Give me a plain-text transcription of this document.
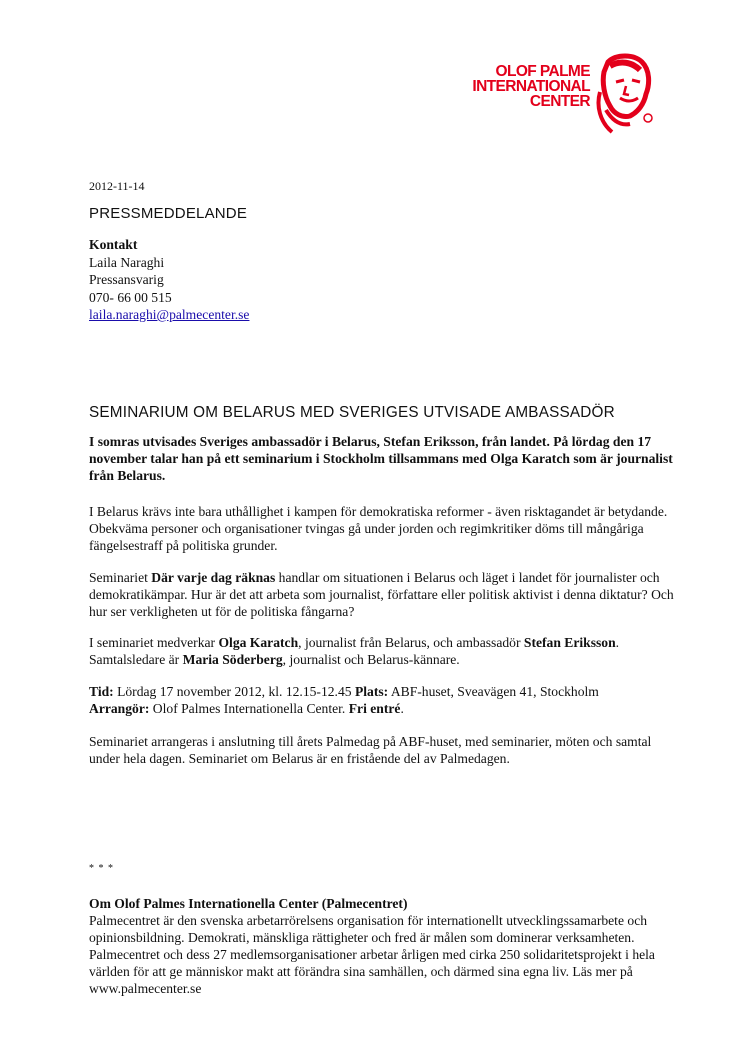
OLOF PALME
INTERNATIONAL
CENTER
2012-11-14
PRESSMEDDELANDE
Kontakt
Laila Naraghi
Pressansvarig
070- 66 00 515
laila.naraghi@palmecenter.se
SEMINARIUM OM BELARUS MED SVERIGES UTVISADE AMBASSADÖR

I somras utvisades Sveriges ambassadör i Belarus, Stefan Eriksson, från landet. På lördag den 17 november talar han på ett seminarium i Stockholm tillsammans med Olga Karatch som är journalist från Belarus.

I Belarus krävs inte bara uthållighet i kampen för demokratiska reformer - även risktagandet är betydande. Obekväma personer och organisationer tvingas gå under jorden och regimkritiker döms till mångåriga fängelsestraff på politiska grunder.

Seminariet Där varje dag räknas handlar om situationen i Belarus och läget i landet för journalister och demokratikämpar. Hur är det att arbeta som journalist, författare eller politisk aktivist i denna diktatur? Och hur ser verkligheten ut för de politiska fångarna?

I seminariet medverkar Olga Karatch, journalist från Belarus, och ambassadör Stefan Eriksson. Samtalsledare är Maria Söderberg, journalist och Belarus-kännare.

Tid: Lördag 17 november 2012, kl. 12.15-12.45 Plats: ABF-huset, Sveavägen 41, Stockholm
Arrangör: Olof Palmes Internationella Center. Fri entré.

Seminariet arrangeras i anslutning till årets Palmedag på ABF-huset, med seminarier, möten och samtal under hela dagen. Seminariet om Belarus är en fristående del av Palmedagen.

* * *
Om Olof Palmes Internationella Center (Palmecentret)
Palmecentret är den svenska arbetarrörelsens organisation för internationellt utvecklingssamarbete och opinionsbildning. Demokrati, mänskliga rättigheter och fred är målen som dominerar verksamheten. Palmecentret och dess 27 medlemsorganisationer arbetar årligen med cirka 250 solidaritetsprojekt i hela världen för att ge människor makt att förändra sina samhällen, och därmed sina egna liv. Läs mer på www.palmecenter.se
